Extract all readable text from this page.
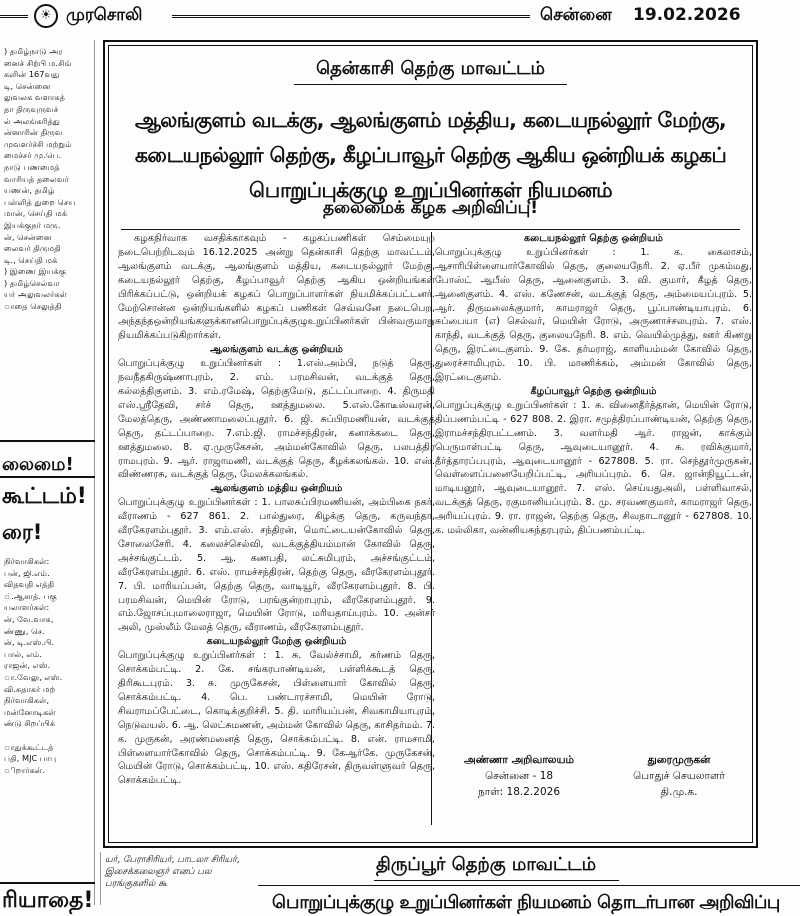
☀ முரசொலி	சென்னை 19.02.2026
) தமிழ்நாடு அர
னைச் சிற்பி ம.சிங்
களின் 167வது
டி, சென்னை
லுவலக வளாகத்
தா திருவுருவச்
ல் அலங்கரித்து
ன்னாரின் திருவ
முவளர்ச்சி மற்றும்
மைச்சர் மு.பெ.
நாடு பணமைத்
வாரியத் தலைவர்
யணன், தமிழ்
பள்ளித் துறை செய
மான், செய்தி மக்
இயக்குநர் மரு.
ன், சென்னை
லைவர் திருமதி
டி., செய்தி மக்
) இணை இயக்கு
) தமிழ்செல்வா
யர் அலுவலர்கள்
ாதை செலுத்தி
லைமை!
கூட்டம்!
ரை!
நிர்வாகிகள்:
பன், ஜி.எம்.
விதவதி எத்தி
்.ஆசாத். பகு
யலாளர்கள்:
ன், வே.வாசு,
ண்ணு, செ.
ன், டி.எஸ்.பி.
பால், எம்.
ராஜன், எஸ்.
ா.வேலு, எஸ்.
வி.சுதாகர் மற்
நிர்வாகிகள்,
மன்னோடிகள்
ண்டு சிறப்பிக்

ாதுக்கூட்டத்
பதி, MJC பாபு
ிறார்கள்.
ரியாதை!
தென்காசி தெற்கு மாவட்டம்
ஆலங்குளம் வடக்கு, ஆலங்குளம் மத்திய, கடையநல்லூர் மேற்கு, கடையநல்லூர் தெற்கு, கீழப்பாவூர் தெற்கு ஆகிய ஒன்றியக் கழகப் பொறுப்புக்குழு உறுப்பினர்கள் நியமனம்
தலைமைக் கழக அறிவிப்பு!
கழகநிர்வாக வசதிக்காகவும் - கழகப்பணிகள் செம்மையுற நடைபெற்றிடவும் 16.12.2025 அன்று தென்காசி தெற்கு மாவட்டம், ஆலங்குளம் வடக்கு, ஆலங்குளம் மத்திய, கடையநல்லூர் மேற்கு, கடையநல்லூர் தெற்கு, கீழப்பாவூர் தெற்கு ஆகிய ஒன்றியங்கள் பிரிக்கப்பட்டு, ஒன்றியக் கழகப் பொறுப்பாளர்கள் நியமிக்கப்பட்டனர். மேற்சொன்ன ஒன்றியங்களில் கழகப் பணிகள் செவ்வனே நடைபெற, அந்தந்தஒன்றியங்களுக்கானபொறுப்புக்குழுஉறுப்பினர்கள் பின்வருமாறு நியமிக்கப்படுகிறார்கள்.
ஆலங்குளம் வடக்கு ஒன்றியம்
பொறுப்புக்குழு உறுப்பினர்கள் : 1.எஸ்.அம்பி, நடுத் தெரு, நவநீதகிருஷ்ணாபுரம், 2. எம். பரமசிவன், வடக்குத் தெரு, கல்லத்திகுளம். 3. எம்.ரமேஷ், தெற்குமேடு, தட்டப்பாறை. 4. திருமதி எஸ்.ஸ்ரீதேவி, சர்ச் தெரு, ஊத்துமலை. 5.எஸ்.கோடீஸ்வரன், மேலத்தெரு, அண்ணாமலைப்புதூர். 6. ஜி. சுப்பிரமணியன், வடக்குத் தெரு, தட்டப்பாறை. 7.எம்.ஜி. ராமச்சந்திரன், கனாக்கடை தெரு, ஊத்துமலை. 8. ஏ.முருகேசன், அம்மன்கோவில் தெரு, பலபத்திர ராமபுரம். 9. ஆர். ராஜாமணி, வடக்குத் தெரு, கீழக்கலங்கல். 10. எஸ். விண்ணரசு, வடக்குத் தெரு, மேலக்கலங்கல்.
ஆலங்குளம் மத்திய ஒன்றியம்
பொறுப்புக்குழு உறுப்பினர்கள் : 1. பாலசுப்பிரமணியன், அம்பிகை நகர், வீராணம் - 627 861. 2. பால்துரை, கிழக்கு தெரு, கருவந்தா, வீரகேரளம்புதூர். 3. எம்.எஸ். சந்திரன், மொட்டையன்கோவில் தெரு, சோலைசேரி. 4. கலைச்செல்வி, வடக்குத்தியம்மான் கோவில் தெரு, அச்சங்குட்டம். 5. ஆ. கணபதி, லட்சுமிபுரம், அச்சங்குட்டம், வீரகேரளம்புதூர். 6. எஸ். ராமச்சந்திரன், தெற்கு தெரு, வீரகேரளம்புதூர். 7. பி. மாரியப்பன், தெற்கு தெரு, வாடியூர், வீரகேரளம்புதூர். 8. பி. பரமசிவன், மெயின் ரோடு, பரங்குன்றாபுரம், வீரகேரளம்புதூர். 9. எம்.ஜோசப்புமாலைராஜா, மெயின் ரோடு, மரியதாய்புரம். 10. அன்சர் அலி, முஸ்லீம் மேலத் தெரு, வீராணம், வீரகேரளம்புதூர்.
கடையநல்லூர் மேற்கு ஒன்றியம்
பொறுப்புக்குழு உறுப்பினர்கள் : 1. சு. வேல்ச்சாமி, கர்ணம் தெரு, சொக்கம்பட்டி. 2. கே. சங்கரபாண்டியன், பள்ளிக்கூடத் தெரு, திரிகூடபுரம். 3. சு. முருகேசன், பிள்ளையார் கோவில் தெரு, சொக்கம்பட்டி. 4. பெ. பண்டாரச்சாமி, மெயின் ரோடு, சிவராமப்பேட்டை, கொடிக்குறிச்சி. 5. தி. மாரியப்பன், சிவகாமியாபுரம், நெடுவயல். 6. ஆ. லெட்சுமணன், அம்மன் கோவில் தெரு, காசிதர்மம். 7. க. முருகன், அரண்மனைத் தெரு, சொக்கம்பட்டி. 8. என். ராமசாமி, பிள்ளையார்கோவில் தெரு, சொக்கம்பட்டி. 9. கேஆர்கே. முருகேசன், மெயின் ரோடு, சொக்கம்பட்டி. 10. எஸ். கதிரேசன், திருவள்ளுவர் தெரு, சொக்கம்பட்டி.
கடையநல்லூர் தெற்கு ஒன்றியம்
பொறுப்புக்குழு உறுப்பினர்கள் : 1. க. கைலாசம், ஆசாரிபிள்ளையார்கோவில் தெரு, குலையநேரி. 2. ஏ.பீர் முகம்மது, போஸ்ட் ஆபீஸ் தெரு, ஆனைகுளம். 3. வி. குமார், கீழத் தெரு, ஆனைகுளம். 4. எஸ். கணேசன், வடக்குத் தெரு, அம்மையப்புரம். 5. ஆர். திருமலைக்குமார், காமராஜர் தெரு, பூப்பாண்டியாபுரம். 6. சுப்பையா (எ) செல்வர், மெயின் ரோடு, அருணாச்சலபுரம். 7. எஸ். காந்தி, வடக்குத் தெரு, குலையநேரி. 8. எம். வெயில்முத்து, ஊர் கிணறு தெரு, இரட்டைகுளம். 9. கே. தர்மராஜ், காளியம்மன் கோவில் தெரு, துரைச்சாமிபுரம். 10. பி. மாணிக்கம், அம்மன் கோவில் தெரு, இரட்டைகுளம்.
கீழப்பாவூர் தெற்கு ஒன்றியம்
பொறுப்புக்குழு உறுப்பினர்கள் : 1. சு. வினைதீர்த்தான், மெயின் ரோடு, திப்பணம்பட்டி - 627 808. 2. இரா. சமுத்திரப்பாண்டியன், தெற்கு தெரு, இராமச்சந்திரபட்டணம். 3. வளர்மதி ஆர். ராஜன், காக்கும் பெருமாள்பட்டி தெரு, ஆவுடையானூர். 4. சு. ரவிக்குமார், தீர்த்தாரப்பபுரம், ஆவுடையானூர் - 627808. 5. ரா. செந்தூர்முருகன், வெள்ளைப்பனையேறிப்பட்டி, அரியப்புரம். 6. செ. ஜான்நியூட்டன், மாடியனூர், ஆவுடையானூர். 7. எஸ். செய்யதுஅலி, பள்ளிவாசல், வடக்குத் தெரு, ரகுமானியப்புரம். 8. மு. சரவணகுமார், காமராஜர் தெரு, அரியப்புரம். 9. ரா. ராஜன், தெற்கு தெரு, சிவநாடானூர் - 627808. 10. க. மல்லிகா, வன்னியசுந்தரபுரம், திப்பணம்பட்டி.
அண்ணா அறிவாலயம்
சென்னை - 18
நாள்: 18.2.2026
துரைமுருகன்
பொதுச் செயலாளர்
தி.மு.க.
யர், பேராசிரியர், பாடலா சிரியர், இசைக்கலைஞர் எனப் பல பரங்குகளில் கூ
திருப்பூர் தெற்கு மாவட்டம்
பொறுப்புக்குழு உறுப்பினர்கள் நியமனம் தொடர்பான அறிவிப்பு
